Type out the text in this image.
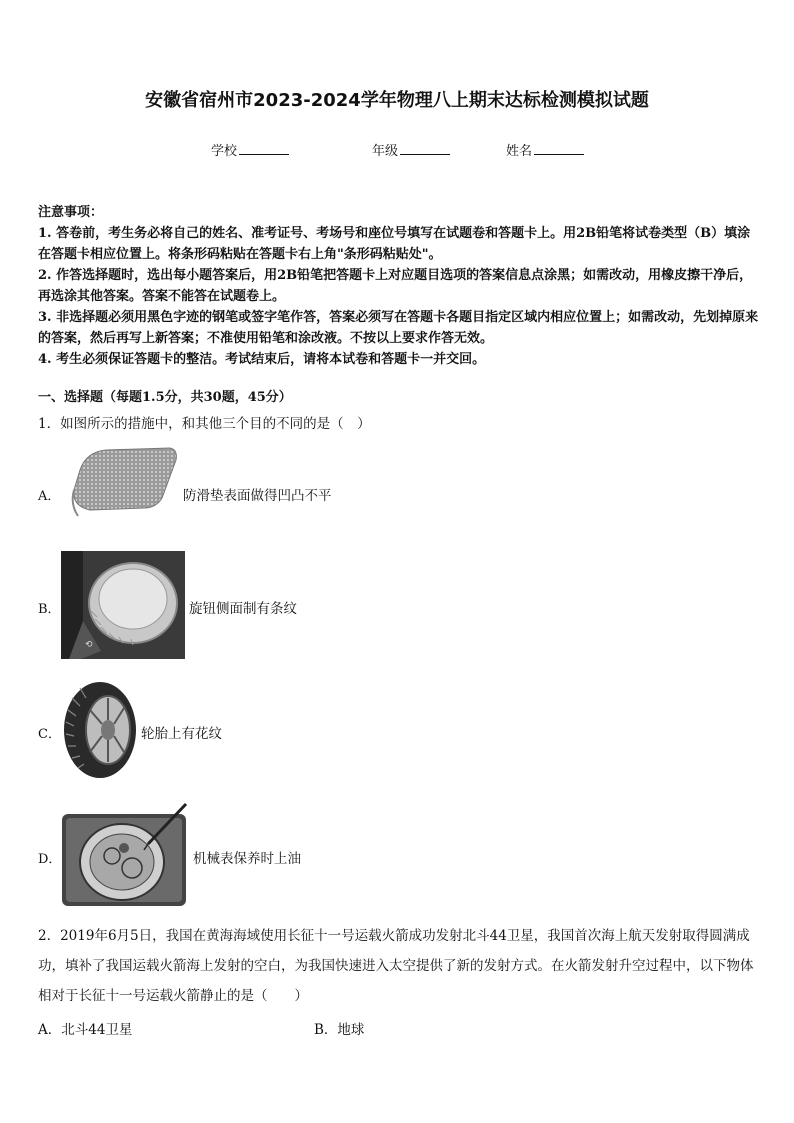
安徽省宿州市2023-2024学年物理八上期末达标检测模拟试题
学校	年级	姓名

注意事项：

1. 答卷前，考生务必将自己的姓名、准考证号、考场号和座位号填写在试题卷和答题卡上。用2B铅笔将试卷类型（B）填涂在答题卡相应位置上。将条形码粘贴在答题卡右上角"条形码粘贴处"。

2. 作答选择题时，选出每小题答案后，用2B铅笔把答题卡上对应题目选项的答案信息点涂黑；如需改动，用橡皮擦干净后，再选涂其他答案。答案不能答在试题卷上。

3. 非选择题必须用黑色字迹的钢笔或签字笔作答，答案必须写在答题卡各题目指定区域内相应位置上；如需改动，先划掉原来的答案，然后再写上新答案；不准使用铅笔和涂改液。不按以上要求作答无效。

4. 考生必须保证答题卡的整洁。考试结束后，请将本试卷和答题卡一并交回。

一、选择题（每题1.5分，共30题，45分）
1．如图所示的措施中，和其他三个目的不同的是（　）
A．	防滑垫表面做得凹凸不平
B．
⟲
旋钮侧面制有条纹
C．	轮胎上有花纹
D．	机械表保养时上油
2．2019年6月5日，我国在黄海海域使用长征十一号运载火箭成功发射北斗44卫星，我国首次海上航天发射取得圆满成功，填补了我国运载火箭海上发射的空白，为我国快速进入太空提供了新的发射方式。在火箭发射升空过程中，以下物体相对于长征十一号运载火箭静止的是（　　）
A．北斗44卫星	B．地球
